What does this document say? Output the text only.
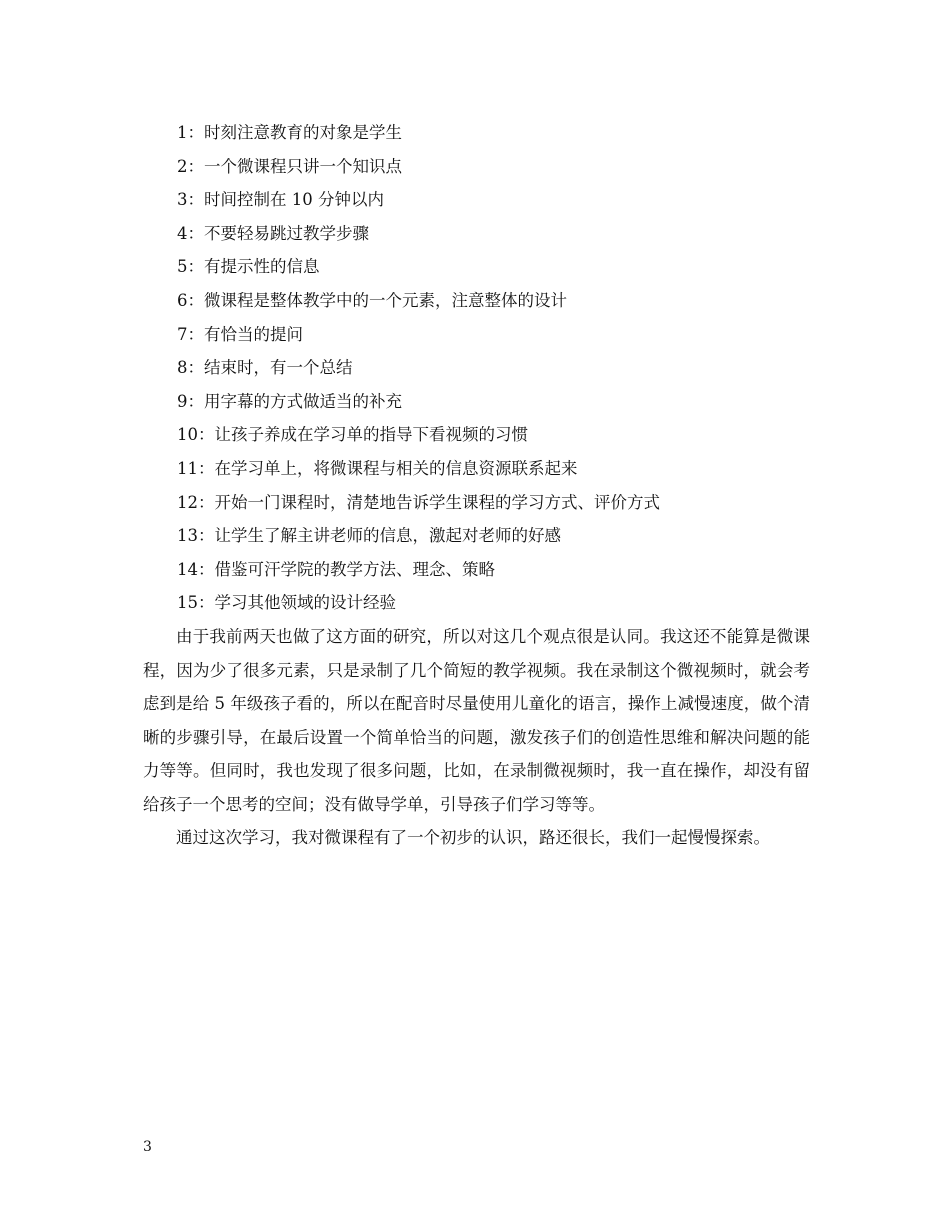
1：时刻注意教育的对象是学生
2：一个微课程只讲一个知识点
3：时间控制在 10 分钟以内
4：不要轻易跳过教学步骤
5：有提示性的信息
6：微课程是整体教学中的一个元素，注意整体的设计
7：有恰当的提问
8：结束时，有一个总结
9：用字幕的方式做适当的补充
10：让孩子养成在学习单的指导下看视频的习惯
11：在学习单上，将微课程与相关的信息资源联系起来
12：开始一门课程时，清楚地告诉学生课程的学习方式、评价方式
13：让学生了解主讲老师的信息，激起对老师的好感
14：借鉴可汗学院的教学方法、理念、策略
15：学习其他领域的设计经验

由于我前两天也做了这方面的研究，所以对这几个观点很是认同。我这还不能算是微课程，因为少了很多元素，只是录制了几个简短的教学视频。我在录制这个微视频时，就会考虑到是给 5 年级孩子看的，所以在配音时尽量使用儿童化的语言，操作上减慢速度，做个清晰的步骤引导，在最后设置一个简单恰当的问题，激发孩子们的创造性思维和解决问题的能力等等。但同时，我也发现了很多问题，比如，在录制微视频时，我一直在操作，却没有留给孩子一个思考的空间；没有做导学单，引导孩子们学习等等。

通过这次学习，我对微课程有了一个初步的认识，路还很长，我们一起慢慢探索。

3
